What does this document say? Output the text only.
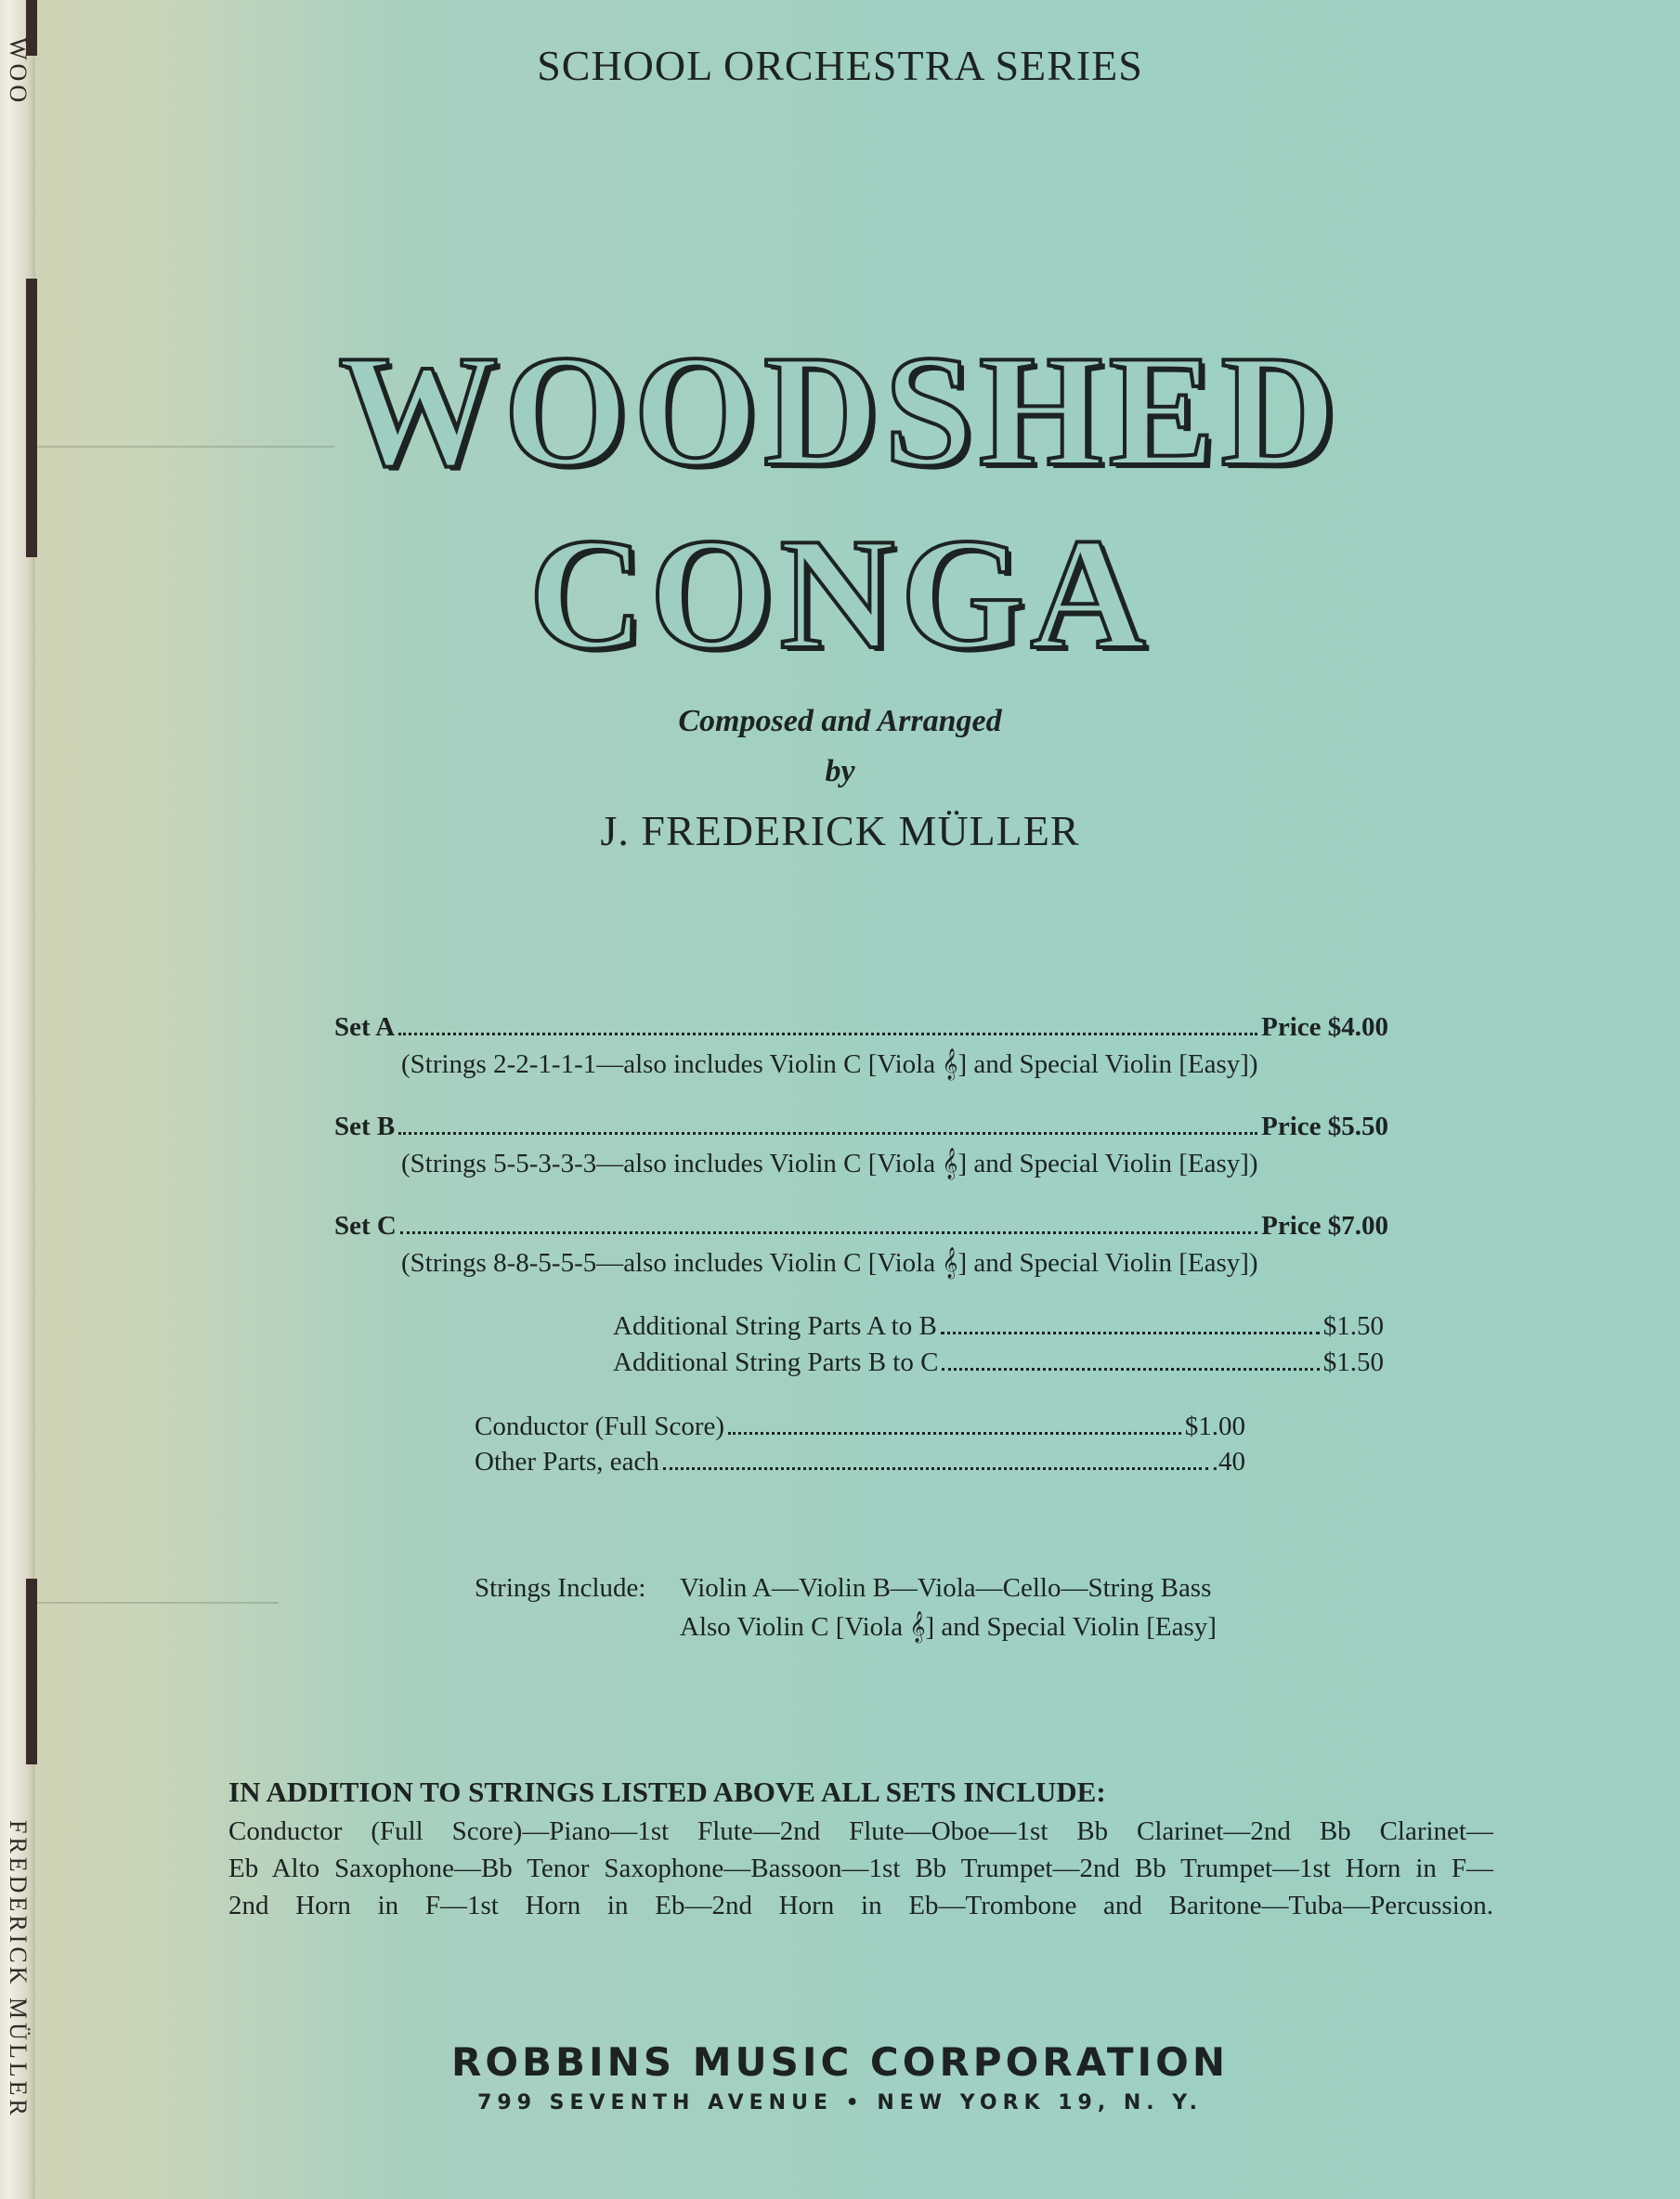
WOO
FREDERICK MÜLLER
SCHOOL ORCHESTRA SERIES
WOODSHED CONGA
Composed and Arranged
by
J. FREDERICK MÜLLER
Set A	Price $4.00
(Strings 2-2-1-1-1—also includes Violin C [Viola 𝄞] and Special Violin [Easy])
Set B	Price $5.50
(Strings 5-5-3-3-3—also includes Violin C [Viola 𝄞] and Special Violin [Easy])
Set C	Price $7.00
(Strings 8-8-5-5-5—also includes Violin C [Viola 𝄞] and Special Violin [Easy])
Additional String Parts A to B	$1.50
Additional String Parts B to C	$1.50
Conductor (Full Score)	$1.00
Other Parts, each	.40
Strings Include: Violin A—Violin B—Viola—Cello—String Bass
Also Violin C [Viola 𝄞] and Special Violin [Easy]
IN ADDITION TO STRINGS LISTED ABOVE ALL SETS INCLUDE:
Conductor (Full Score)—Piano—1st Flute—2nd Flute—Oboe—1st Bb Clarinet—2nd Bb Clarinet—
Eb Alto Saxophone—Bb Tenor Saxophone—Bassoon—1st Bb Trumpet—2nd Bb Trumpet—1st Horn in F—
2nd Horn in F—1st Horn in Eb—2nd Horn in Eb—Trombone and Baritone—Tuba—Percussion.
ROBBINS MUSIC CORPORATION
799 SEVENTH AVENUE • NEW YORK 19, N. Y.
